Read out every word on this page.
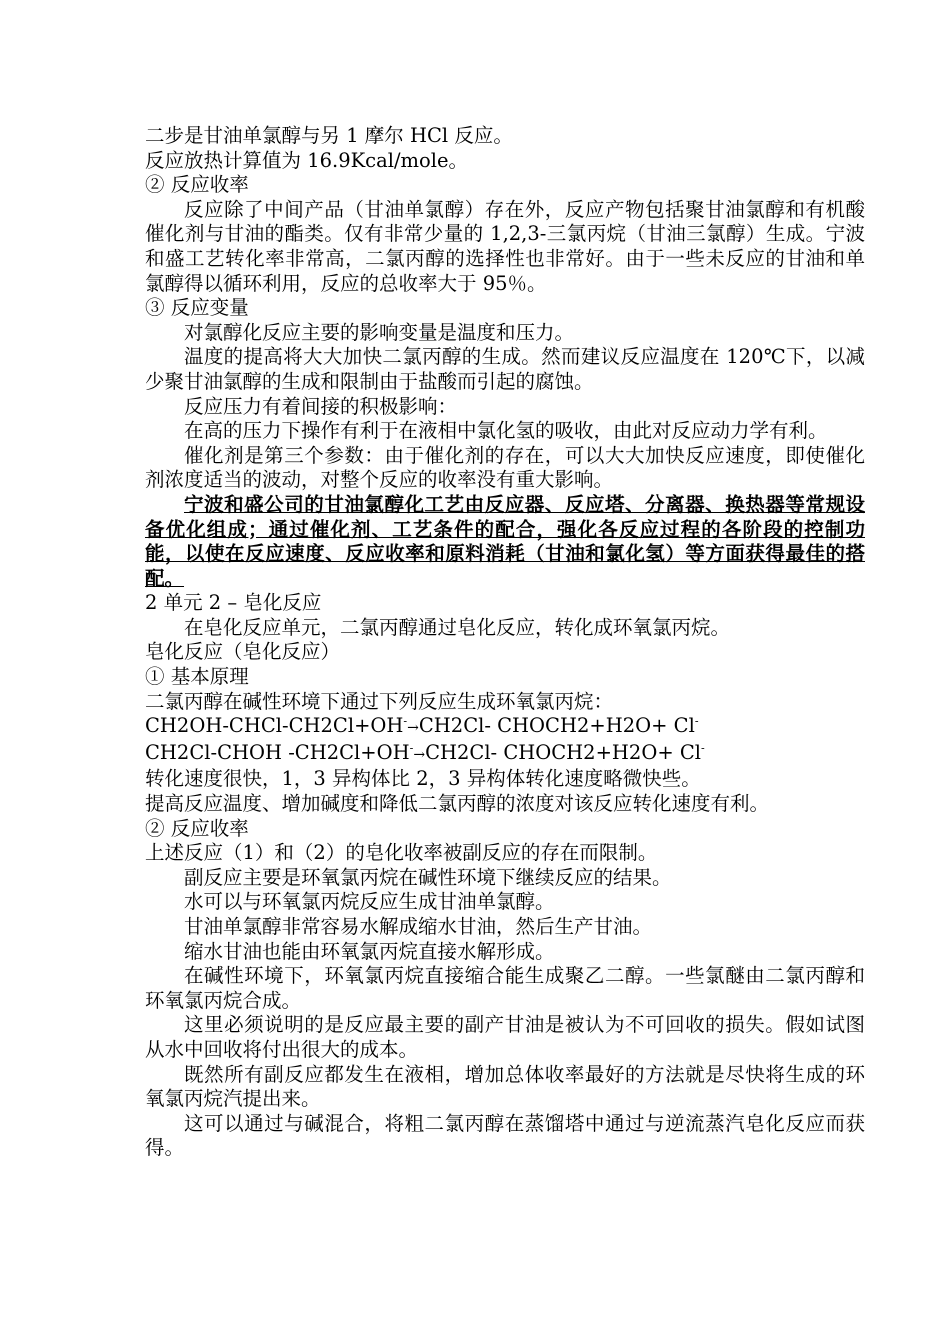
二步是甘油单氯醇与另 1 摩尔 HCl 反应。

反应放热计算值为 16.9Kcal/mole。

② 反应收率

反应除了中间产品（甘油单氯醇）存在外，反应产物包括聚甘油氯醇和有机酸催化剂与甘油的酯类。仅有非常少量的 1,2,3-三氯丙烷（甘油三氯醇）生成。宁波和盛工艺转化率非常高，二氯丙醇的选择性也非常好。由于一些未反应的甘油和单氯醇得以循环利用，反应的总收率大于 95％。

③ 反应变量

对氯醇化反应主要的影响变量是温度和压力。

温度的提高将大大加快二氯丙醇的生成。然而建议反应温度在 120℃下，以减少聚甘油氯醇的生成和限制由于盐酸而引起的腐蚀。

反应压力有着间接的积极影响：

在高的压力下操作有利于在液相中氯化氢的吸收，由此对反应动力学有利。

催化剂是第三个参数：由于催化剂的存在，可以大大加快反应速度，即使催化剂浓度适当的波动，对整个反应的收率没有重大影响。

宁波和盛公司的甘油氯醇化工艺由反应器、反应塔、分离器、换热器等常规设备优化组成；通过催化剂、工艺条件的配合，强化各反应过程的各阶段的控制功能，以使在反应速度、反应收率和原料消耗（甘油和氯化氢）等方面获得最佳的搭配。

2 单元 2 – 皂化反应

在皂化反应单元，二氯丙醇通过皂化反应，转化成环氧氯丙烷。

皂化反应（皂化反应）

① 基本原理

二氯丙醇在碱性环境下通过下列反应生成环氧氯丙烷：

CH2OH-CHCl-CH2Cl+OH-→CH2Cl- CHOCH2+H2O+ Cl-

CH2Cl-CHOH -CH2Cl+OH-→CH2Cl- CHOCH2+H2O+ Cl-

转化速度很快，1，3 异构体比 2，3 异构体转化速度略微快些。

提高反应温度、增加碱度和降低二氯丙醇的浓度对该反应转化速度有利。

② 反应收率

上述反应（1）和（2）的皂化收率被副反应的存在而限制。

副反应主要是环氧氯丙烷在碱性环境下继续反应的结果。

水可以与环氧氯丙烷反应生成甘油单氯醇。

甘油单氯醇非常容易水解成缩水甘油，然后生产甘油。

缩水甘油也能由环氧氯丙烷直接水解形成。

在碱性环境下，环氧氯丙烷直接缩合能生成聚乙二醇。一些氯醚由二氯丙醇和环氧氯丙烷合成。

这里必须说明的是反应最主要的副产甘油是被认为不可回收的损失。假如试图从水中回收将付出很大的成本。

既然所有副反应都发生在液相，增加总体收率最好的方法就是尽快将生成的环氧氯丙烷汽提出来。

这可以通过与碱混合，将粗二氯丙醇在蒸馏塔中通过与逆流蒸汽皂化反应而获得。
